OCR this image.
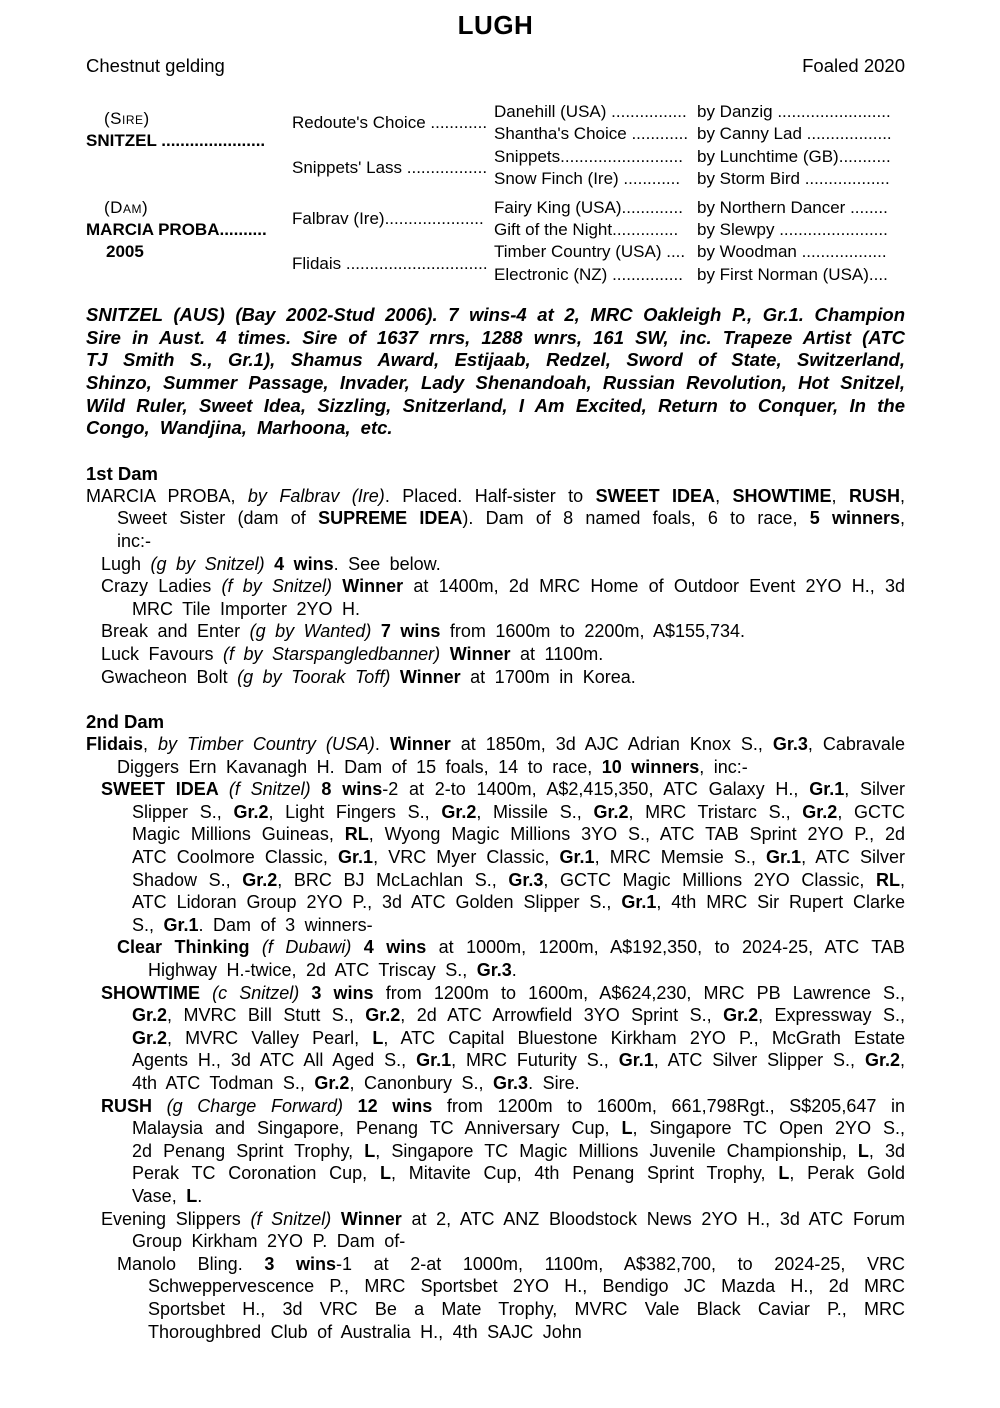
LUGH
Chestnut gelding	Foaled 2020
(Sire)
SNITZEL ......................
(Dam)
MARCIA PROBA..........
2005
Redoute's Choice ............
Snippets' Lass .................
Falbrav (Ire).....................
Flidais ..............................
Danehill (USA) ................
Shantha's Choice ............
Snippets..........................
Snow Finch (Ire) ............
Fairy King (USA).............
Gift of the Night..............
Timber Country (USA) ....
Electronic (NZ) ...............
by Danzig ........................
by Canny Lad ..................
by Lunchtime (GB)...........
by Storm Bird ..................
by Northern Dancer ........
by Slewpy .......................
by Woodman ..................
by First Norman (USA)....
SNITZEL (AUS) (Bay 2002-Stud 2006). 7 wins-4 at 2, MRC Oakleigh P., Gr.1. Champion Sire in Aust. 4 times. Sire of 1637 rnrs, 1288 wnrs, 161 SW, inc. Trapeze Artist (ATC TJ Smith S., Gr.1), Shamus Award, Estijaab, Redzel, Sword of State, Switzerland, Shinzo, Summer Passage, Invader, Lady Shenandoah, Russian Revolution, Hot Snitzel, Wild Ruler, Sweet Idea, Sizzling, Snitzerland, I Am Excited, Return to Conquer, In the Congo, Wandjina, Marhoona, etc.
1st Dam
MARCIA PROBA, by Falbrav (Ire). Placed. Half-sister to SWEET IDEA, SHOWTIME, RUSH, Sweet Sister (dam of SUPREME IDEA). Dam of 8 named foals, 6 to race, 5 winners, inc:-
Lugh (g by Snitzel) 4 wins. See below.
Crazy Ladies (f by Snitzel) Winner at 1400m, 2d MRC Home of Outdoor Event 2YO H., 3d MRC Tile Importer 2YO H.
Break and Enter (g by Wanted) 7 wins from 1600m to 2200m, A$155,734.
Luck Favours (f by Starspangledbanner) Winner at 1100m.
Gwacheon Bolt (g by Toorak Toff) Winner at 1700m in Korea.
2nd Dam
Flidais, by Timber Country (USA). Winner at 1850m, 3d AJC Adrian Knox S., Gr.3, Cabravale Diggers Ern Kavanagh H. Dam of 15 foals, 14 to race, 10 winners, inc:-
SWEET IDEA (f Snitzel) 8 wins-2 at 2-to 1400m, A$2,415,350, ATC Galaxy H., Gr.1, Silver Slipper S., Gr.2, Light Fingers S., Gr.2, Missile S., Gr.2, MRC Tristarc S., Gr.2, GCTC Magic Millions Guineas, RL, Wyong Magic Millions 3YO S., ATC TAB Sprint 2YO P., 2d ATC Coolmore Classic, Gr.1, VRC Myer Classic, Gr.1, MRC Memsie S., Gr.1, ATC Silver Shadow S., Gr.2, BRC BJ McLachlan S., Gr.3, GCTC Magic Millions 2YO Classic, RL, ATC Lidoran Group 2YO P., 3d ATC Golden Slipper S., Gr.1, 4th MRC Sir Rupert Clarke S., Gr.1. Dam of 3 winners-
Clear Thinking (f Dubawi) 4 wins at 1000m, 1200m, A$192,350, to 2024-25, ATC TAB Highway H.-twice, 2d ATC Triscay S., Gr.3.
SHOWTIME (c Snitzel) 3 wins from 1200m to 1600m, A$624,230, MRC PB Lawrence S., Gr.2, MVRC Bill Stutt S., Gr.2, 2d ATC Arrowfield 3YO Sprint S., Gr.2, Expressway S., Gr.2, MVRC Valley Pearl, L, ATC Capital Bluestone Kirkham 2YO P., McGrath Estate Agents H., 3d ATC All Aged S., Gr.1, MRC Futurity S., Gr.1, ATC Silver Slipper S., Gr.2, 4th ATC Todman S., Gr.2, Canonbury S., Gr.3. Sire.
RUSH (g Charge Forward) 12 wins from 1200m to 1600m, 661,798Rgt., S$205,647 in Malaysia and Singapore, Penang TC Anniversary Cup, L, Singapore TC Open 2YO S., 2d Penang Sprint Trophy, L, Singapore TC Magic Millions Juvenile Championship, L, 3d Perak TC Coronation Cup, L, Mitavite Cup, 4th Penang Sprint Trophy, L, Perak Gold Vase, L.
Evening Slippers (f Snitzel) Winner at 2, ATC ANZ Bloodstock News 2YO H., 3d ATC Forum Group Kirkham 2YO P. Dam of-
Manolo Bling. 3 wins-1 at 2-at 1000m, 1100m, A$382,700, to 2024-25, VRC Schweppervescence P., MRC Sportsbet 2YO H., Bendigo JC Mazda H., 2d MRC Sportsbet H., 3d VRC Be a Mate Trophy, MVRC Vale Black Caviar P., MRC Thoroughbred Club of Australia H., 4th SAJC John
